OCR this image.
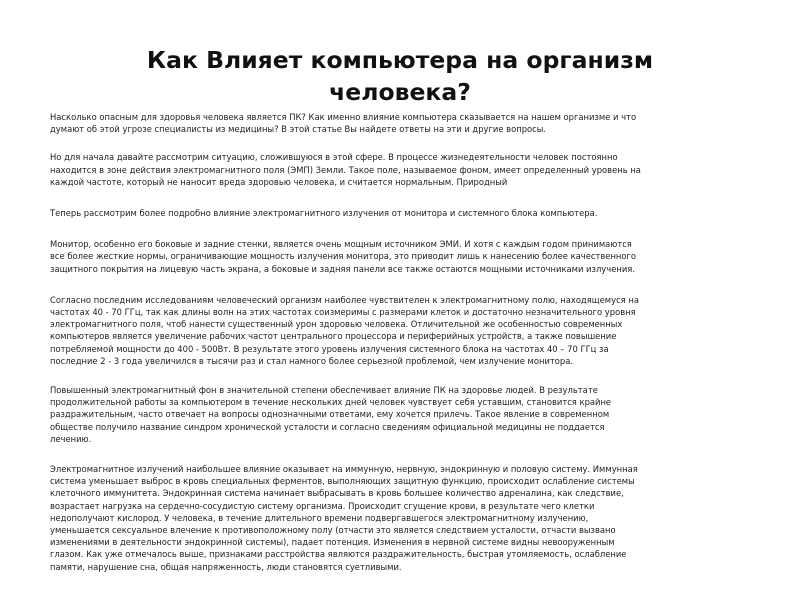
Как Влияет компьютера на организм
человека?

Насколько опасным для здоровья человека является ПК? Как именно влияние компьютера сказывается на нашем организме и что
думают об этой угрозе специалисты из медицины? В этой статье Вы найдете ответы на эти и другие вопросы.

Но для начала давайте рассмотрим ситуацию, сложившуюся в этой сфере. В процессе жизнедеятельности человек постоянно
находится в зоне действия электромагнитного поля (ЭМП) Земли. Такое поле, называемое фоном, имеет определенный уровень на
каждой частоте, который не наносит вреда здоровью человека, и считается нормальным. Природный

Теперь рассмотрим более подробно влияние электромагнитного излучения от монитора и системного блока компьютера.

Монитор, особенно его боковые и задние стенки, является очень мощным источником ЭМИ. И хотя с каждым годом принимаются
все более жесткие нормы, ограничивающие мощность излучения монитора, это приводит лишь к нанесению более качественного
защитного покрытия на лицевую часть экрана, а боковые и задняя панели все также остаются мощными источниками излучения.

Согласно последним исследованиям человеческий организм наиболее чувствителен к электромагнитному полю, находящемуся на
частотах 40 - 70 ГГц, так как длины волн на этих частотах соизмеримы с размерами клеток и достаточно незначительного уровня
электромагнитного поля, чтоб нанести существенный урон здоровью человека. Отличительной же особенностью современных
компьютеров является увеличение рабочих частот центрального процессора и периферийных устройств, а также повышение
потребляемой мощности до 400 - 500Вт. В результате этого уровень излучения системного блока на частотах 40 – 70 ГГц за
последние 2 - 3 года увеличился в тысячи раз и стал намного более серьезной проблемой, чем излучение монитора.

Повышенный электромагнитный фон в значительной степени обеспечивает влияние ПК на здоровье людей. В результате
продолжительной работы за компьютером в течение нескольких дней человек чувствует себя уставшим, становится крайне
раздражительным, часто отвечает на вопросы однозначными ответами, ему хочется прилечь. Такое явление в современном
обществе получило название синдром хронической усталости и согласно сведениям официальной медицины не поддается
лечению.

Электромагнитное излучений наибольшее влияние оказывает на иммунную, нервную, эндокринную и половую систему. Иммунная
система уменьшает выброс в кровь специальных ферментов, выполняющих защитную функцию, происходит ослабление системы
клеточного иммунитета. Эндокринная система начинает выбрасывать в кровь большее количество адреналина, как следствие,
возрастает нагрузка на сердечно-сосудистую систему организма. Происходит сгущение крови, в результате чего клетки
недополучают кислород. У человека, в течение длительного времени подвергавшегося электромагнитному излучению,
уменьшается сексуальное влечение к противоположному полу (отчасти это является следствием усталости, отчасти вызвано
изменениями в деятельности эндокринной системы), падает потенция. Изменения в нервной системе видны невооруженным
глазом. Как уже отмечалось выше, признаками расстройства являются раздражительность, быстрая утомляемость, ослабление
памяти, нарушение сна, общая напряженность, люди становятся суетливыми.
